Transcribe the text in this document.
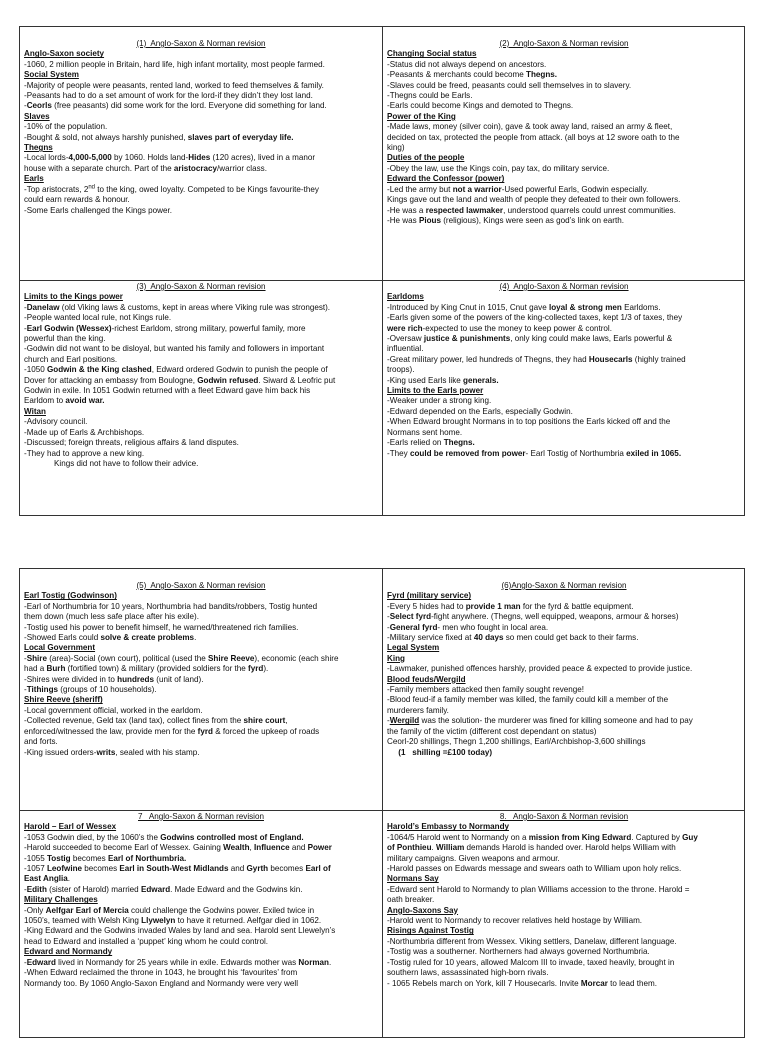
(1)  Anglo-Saxon & Norman revision
Anglo-Saxon society
-1060, 2 million people in Britain, hard life, high infant mortality, most people farmed.
Social System
-Majority of people were peasants, rented land, worked to feed themselves & family.
-Peasants had to do a set amount of work for the lord-if they didn’t they lost land.
-Ceorls (free peasants) did some work for the lord. Everyone did something for land.
Slaves
-10% of the population.
-Bought & sold, not always harshly punished, slaves part of everyday life.
Thegns
-Local lords-4,000-5,000 by 1060. Holds land-Hides (120 acres), lived in a manor
house with a separate church. Part of the aristocracy/warrior class.
Earls
-Top aristocrats, 2nd to the king, owed loyalty. Competed to be Kings favourite-they
could earn rewards & honour.
-Some Earls challenged the Kings power.
(2)  Anglo-Saxon & Norman revision
Changing Social status
-Status did not always depend on ancestors.
-Peasants & merchants could become Thegns.
-Slaves could be freed, peasants could sell themselves in to slavery.
-Thegns could be Earls.
-Earls could become Kings and demoted to Thegns.
Power of the King
-Made laws, money (silver coin), gave & took away land, raised an army & fleet,
decided on tax, protected the people from attack. (all boys at 12 swore oath to the
king)
Duties of the people
-Obey the law, use the Kings coin, pay tax, do military service.
Edward the Confessor (power)
-Led the army but not a warrior-Used powerful Earls, Godwin especially.
Kings gave out the land and wealth of people they defeated to their own followers.
-He was a respected lawmaker, understood quarrels could unrest communities.
-He was Pious (religious), Kings were seen as god’s link on earth.
(3)  Anglo-Saxon & Norman revision
Limits to the Kings power
-Danelaw (old Viking laws & customs, kept in areas where Viking rule was strongest).
-People wanted local rule, not Kings rule.
-Earl Godwin (Wessex)-richest Earldom, strong military, powerful family, more
powerful than the king.
-Godwin did not want to be disloyal, but wanted his family and followers in important
church and Earl positions.
-1050 Godwin & the King clashed, Edward ordered Godwin to punish the people of
Dover for attacking an embassy from Boulogne, Godwin refused. Siward & Leofric put
Godwin in exile. In 1051 Godwin returned with a fleet Edward gave him back his
Earldom to avoid war.
Witan
-Advisory council.
-Made up of Earls & Archbishops.
-Discussed; foreign threats, religious affairs & land disputes.
-They had to approve a new king.
Kings did not have to follow their advice.
(4)  Anglo-Saxon & Norman revision
Earldoms
-Introduced by King Cnut in 1015, Cnut gave loyal & strong men Earldoms.
-Earls given some of the powers of the king-collected taxes, kept 1/3 of taxes, they
were rich-expected to use the money to keep power & control.
-Oversaw justice & punishments, only king could make laws, Earls powerful &
influential.
-Great military power, led hundreds of Thegns, they had Housecarls (highly trained
troops).
-King used Earls like generals.
Limits to the Earls power
-Weaker under a strong king.
-Edward depended on the Earls, especially Godwin.
-When Edward brought Normans in to top positions the Earls kicked off and the
Normans sent home.
-Earls relied on Thegns.
-They could be removed from power- Earl Tostig of Northumbria exiled in 1065.
(5)  Anglo-Saxon & Norman revision
Earl Tostig (Godwinson)
-Earl of Northumbria for 10 years, Northumbria had bandits/robbers, Tostig hunted
them down (much less safe place after his exile).
-Tostig used his power to benefit himself, he warned/threatened rich families.
-Showed Earls could solve & create problems.
Local Government
-Shire (area)-Social (own court), political (used the Shire Reeve), economic (each shire
had a Burh (fortified town) & military (provided soldiers for the fyrd).
-Shires were divided in to hundreds (unit of land).
-Tithings (groups of 10 households).
Shire Reeve (sheriff)
-Local government official, worked in the earldom.
-Collected revenue, Geld tax (land tax), collect fines from the shire court,
enforced/witnessed the law, provide men for the fyrd & forced the upkeep of roads
and forts.
-King issued orders-writs, sealed with his stamp.
(6)Anglo-Saxon & Norman revision
Fyrd (military service)
-Every 5 hides had to provide 1 man for the fyrd & battle equipment.
-Select fyrd-fight anywhere. (Thegns, well equipped, weapons, armour & horses)
-General fyrd- men who fought in local area.
-Military service fixed at 40 days so men could get back to their farms.
Legal System
King
-Lawmaker, punished offences harshly, provided peace & expected to provide justice.
Blood feuds/Wergild
-Family members attacked then family sought revenge!
-Blood feud-if a family member was killed, the family could kill a member of the
murderers family.
-Wergild was the solution- the murderer was fined for killing someone and had to pay
the family of the victim (different cost dependant on status)
Ceorl-20 shillings, Thegn 1,200 shillings, Earl/Archbishop-3,600 shillings
(1   shilling =£100 today)
7   Anglo-Saxon & Norman revision
Harold – Earl of Wessex
-1053 Godwin died, by the 1060’s the Godwins controlled most of England.
-Harold succeeded to become Earl of Wessex. Gaining Wealth, Influence and Power
-1055 Tostig becomes Earl of Northumbria.
-1057 Leofwine becomes Earl in South-West Midlands and Gyrth becomes Earl of
East Anglia.
-Edith (sister of Harold) married Edward. Made Edward and the Godwins kin.
Military Challenges
-Only Aelfgar Earl of Mercia could challenge the Godwins power. Exiled twice in
1050’s, teamed with Welsh King Llywelyn to have it returned. Aelfgar died in 1062.
-King Edward and the Godwins invaded Wales by land and sea. Harold sent Llewelyn’s
head to Edward and installed a ‘puppet’ king whom he could control.
Edward and Normandy
-Edward lived in Normandy for 25 years while in exile. Edwards mother was Norman.
-When Edward reclaimed the throne in 1043, he brought his ‘favourites’ from
Normandy too. By 1060 Anglo-Saxon England and Normandy were very well
8.   Anglo-Saxon & Norman revision
Harold’s Embassy to Normandy
-1064/5 Harold went to Normandy on a mission from King Edward. Captured by Guy
of Ponthieu. William demands Harold is handed over. Harold helps William with
military campaigns. Given weapons and armour.
-Harold passes on Edwards message and swears oath to William upon holy relics.
Normans Say
-Edward sent Harold to Normandy to plan Williams accession to the throne. Harold =
oath breaker.
Anglo-Saxons Say
-Harold went to Normandy to recover relatives held hostage by William.
Risings Against Tostig
-Northumbria different from Wessex. Viking settlers, Danelaw, different language.
-Tostig was a southerner. Northerners had always governed Northumbria.
-Tostig ruled for 10 years, allowed Malcom III to invade, taxed heavily, brought in
southern laws, assassinated high-born rivals.
- 1065 Rebels march on York, kill 7 Housecarls. Invite Morcar to lead them.
